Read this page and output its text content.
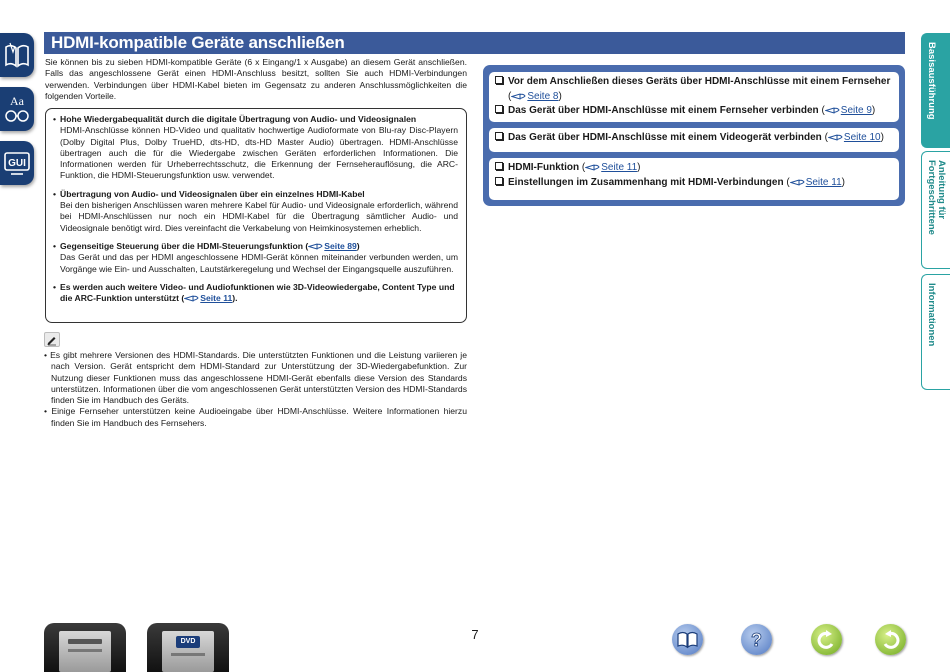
Aa
GUI
Basisausführung
Anleitung für Fortgeschrittene
Informationen
HDMI-kompatible Geräte anschließen

Sie können bis zu sieben HDMI-kompatible Geräte (6 x Eingang/1 x Ausgabe) an diesem Gerät anschließen. Falls das angeschlossene Gerät einen HDMI-Anschluss besitzt, sollten Sie auch HDMI-Verbindungen verwenden. Verbindungen über HDMI-Kabel bieten im Gegensatz zu anderen Anschlussmöglichkeiten die folgenden Vorteile.

• Hohe Wiedergabequalität durch die digitale Übertragung von Audio- und Videosignalen
HDMI-Anschlüsse können HD-Video und qualitativ hochwertige Audioformate von Blu-ray Disc-Playern (Dolby Digital Plus, Dolby TrueHD, dts-HD, dts-HD Master Audio) übertragen. HDMI-Anschlüsse übertragen auch die für die Wiedergabe zwischen Geräten erforderlichen Informationen. Die Informationen werden für Urheberrechtsschutz, die Erkennung der Fernseherauflösung, die ARC-Funktion, die HDMI-Steuerungsfunktion usw. verwendet.
• Übertragung von Audio- und Videosignalen über ein einzelnes HDMI-Kabel
Bei den bisherigen Anschlüssen waren mehrere Kabel für Audio- und Videosignale erforderlich, während bei HDMI-Anschlüssen nur noch ein HDMI-Kabel für die Übertragung sämtlicher Audio- und Videosignale benötigt wird. Dies vereinfacht die Verkabelung von Heimkinosystemen erheblich.
• Gegenseitige Steuerung über die HDMI-Steuerungsfunktion ( Seite 89)
Das Gerät und das per HDMI angeschlossene HDMI-Gerät können miteinander verbunden werden, um Vorgänge wie Ein- und Ausschalten, Lautstärkeregelung und Wechsel der Eingangsquelle auszuführen.
• Es werden auch weitere Video- und Audiofunktionen wie 3D-Videowiedergabe, Content Type und die ARC-Funktion unterstützt ( Seite 11).

• Es gibt mehrere Versionen des HDMI-Standards. Die unterstützten Funktionen und die Leistung variieren je nach Version. Gerät entspricht dem HDMI-Standard zur Unterstützung der 3D-Wiedergabefunktion. Zur Nutzung dieser Funktionen muss das angeschlossene HDMI-Gerät ebenfalls diese Version des Standards unterstützen. Informationen über die vom angeschlossenen Gerät unterstützten Version des HDMI-Standards finden Sie im Handbuch des Geräts.

• Einige Fernseher unterstützen keine Audioeingabe über HDMI-Anschlüsse. Weitere Informationen hierzu finden Sie im Handbuch des Fernsehers.

Vor dem Anschließen dieses Geräts über HDMI-Anschlüsse mit einem Fernseher
( Seite 8)
Das Gerät über HDMI-Anschlüsse mit einem Fernseher verbinden ( Seite 9)
Das Gerät über HDMI-Anschlüsse mit einem Videogerät verbinden ( Seite 10)
HDMI-Funktion ( Seite 11)
Einstellungen im Zusammenhang mit HDMI-Verbindungen ( Seite 11)
7
DVD	?
